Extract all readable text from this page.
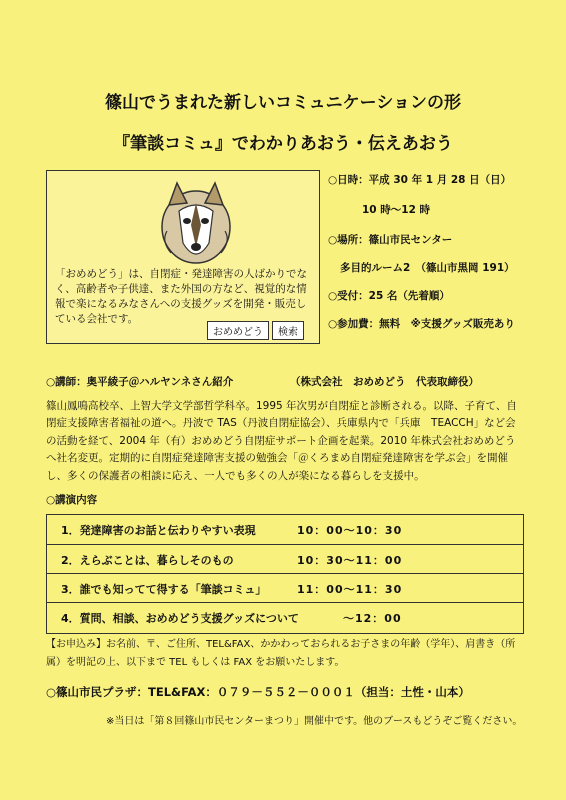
篠山でうまれた新しいコミュニケーションの形
『筆談コミュ』でわかりあおう・伝えあおう
「おめめどう」は、自閉症・発達障害の人ばかりでなく、高齢者や子供達、また外国の方など、視覚的な情報で楽になるみなさんへの支援グッズを開発・販売している会社です。
おめめどう	検索
○日時：平成 30 年 1 月 28 日（日）
10 時～12 時
○場所：篠山市民センター
多目的ルーム2　（篠山市黒岡 191）
○受付：25 名（先着順）
○参加費：無料　※支援グッズ販売あり
○講師：奥平綾子＠ハルヤンネさん紹介	（株式会社　おめめどう　代表取締役）
篠山鳳鳴高校卒、上智大学文学部哲学科卒。1995 年次男が自閉症と診断される。以降、子育て、自閉症支援障害者福祉の道へ。丹波で TAS（丹波自閉症協会）、兵庫県内で「兵庫　TEACCH」など会の活動を経て、2004 年（有）おめめどう自閉症サポート企画を起業。2010 年株式会社おめめどうへ社名変更。定期的に自閉症発達障害支援の勉強会「＠くろまめ自閉症発達障害を学ぶ会」を開催し、多くの保護者の相談に応え、一人でも多くの人が楽になる暮らしを支援中。
○講演内容
1．発達障害のお話と伝わりやすい表現	10：00～10：30
2．えらぶことは、暮らしそのもの	10：30～11：00
3．誰でも知ってて得する「筆談コミュ」	11：00～11：30
4．質問、相談、おめめどう支援グッズについて	～12：00
【お申込み】お名前、〒、ご住所、TEL&FAX、かかわっておられるお子さまの年齢（学年）、肩書き（所属）を明記の上、以下まで TEL もしくは FAX をお願いたします。
○篠山市民プラザ：TEL&FAX：０７９－５５２－０００１（担当：土性・山本）
※当日は「第８回篠山市民センターまつり」開催中です。他のブースもどうぞご覧ください。
